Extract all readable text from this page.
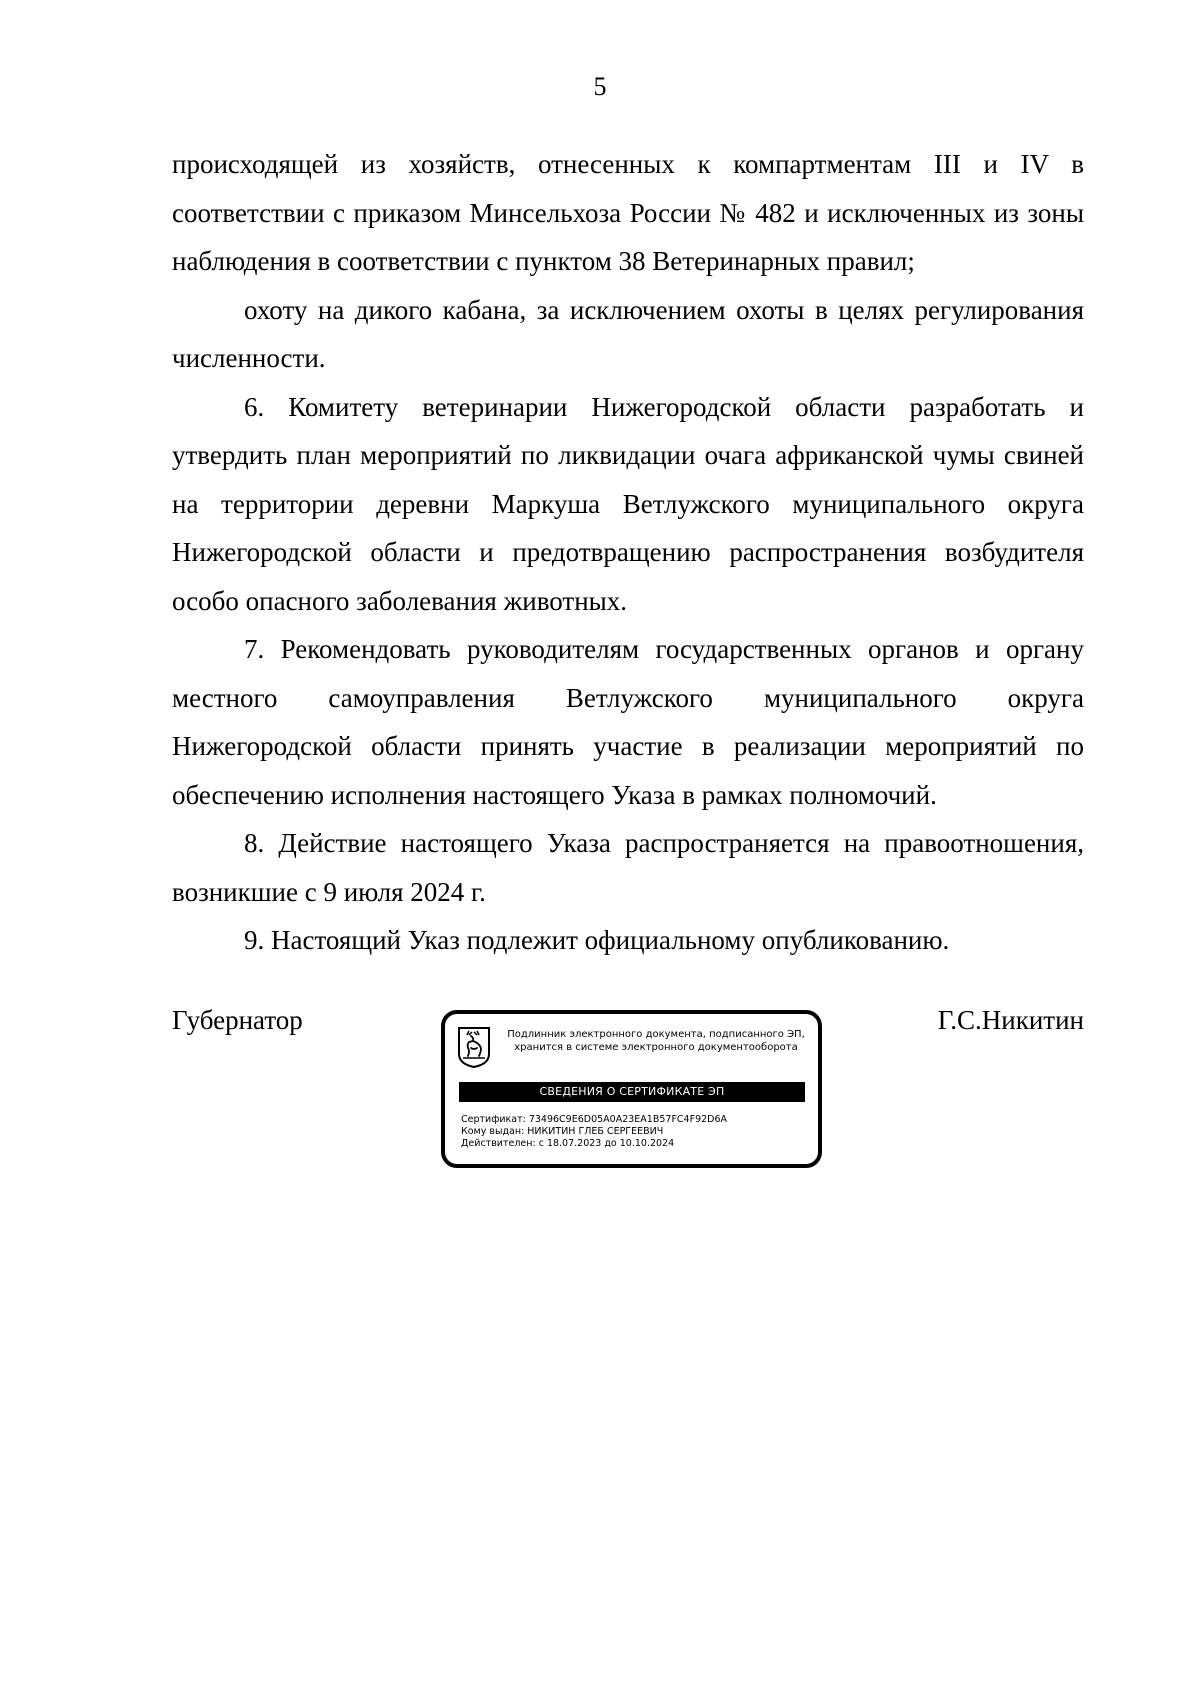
5

происходящей из хозяйств, отнесенных к компартментам III и IV в соответствии с приказом Минсельхоза России № 482 и исключенных из зоны наблюдения в соответствии с пунктом 38 Ветеринарных правил;

охоту на дикого кабана, за исключением охоты в целях регулирования численности.

6. Комитету ветеринарии Нижегородской области разработать и утвердить план мероприятий по ликвидации очага африканской чумы свиней на территории деревни Маркуша Ветлужского муниципального округа Нижегородской области и предотвращению распространения возбудителя особо опасного заболевания животных.

7. Рекомендовать руководителям государственных органов и органу местного самоуправления Ветлужского муниципального округа Нижегородской области принять участие в реализации мероприятий по обеспечению исполнения настоящего Указа в рамках полномочий.

8. Действие настоящего Указа распространяется на правоотношения, возникшие с 9 июля 2024 г.

9. Настоящий Указ подлежит официальному опубликованию.

Губернатор	Г.С.Никитин
Подлинник электронного документа, подписанного ЭП,
хранится в системе электронного документооборота
СВЕДЕНИЯ О СЕРТИФИКАТЕ ЭП
Сертификат: 73496C9E6D05A0A23EA1B57FC4F92D6A
Кому выдан: НИКИТИН ГЛЕБ СЕРГЕЕВИЧ
Действителен: с 18.07.2023 до 10.10.2024
